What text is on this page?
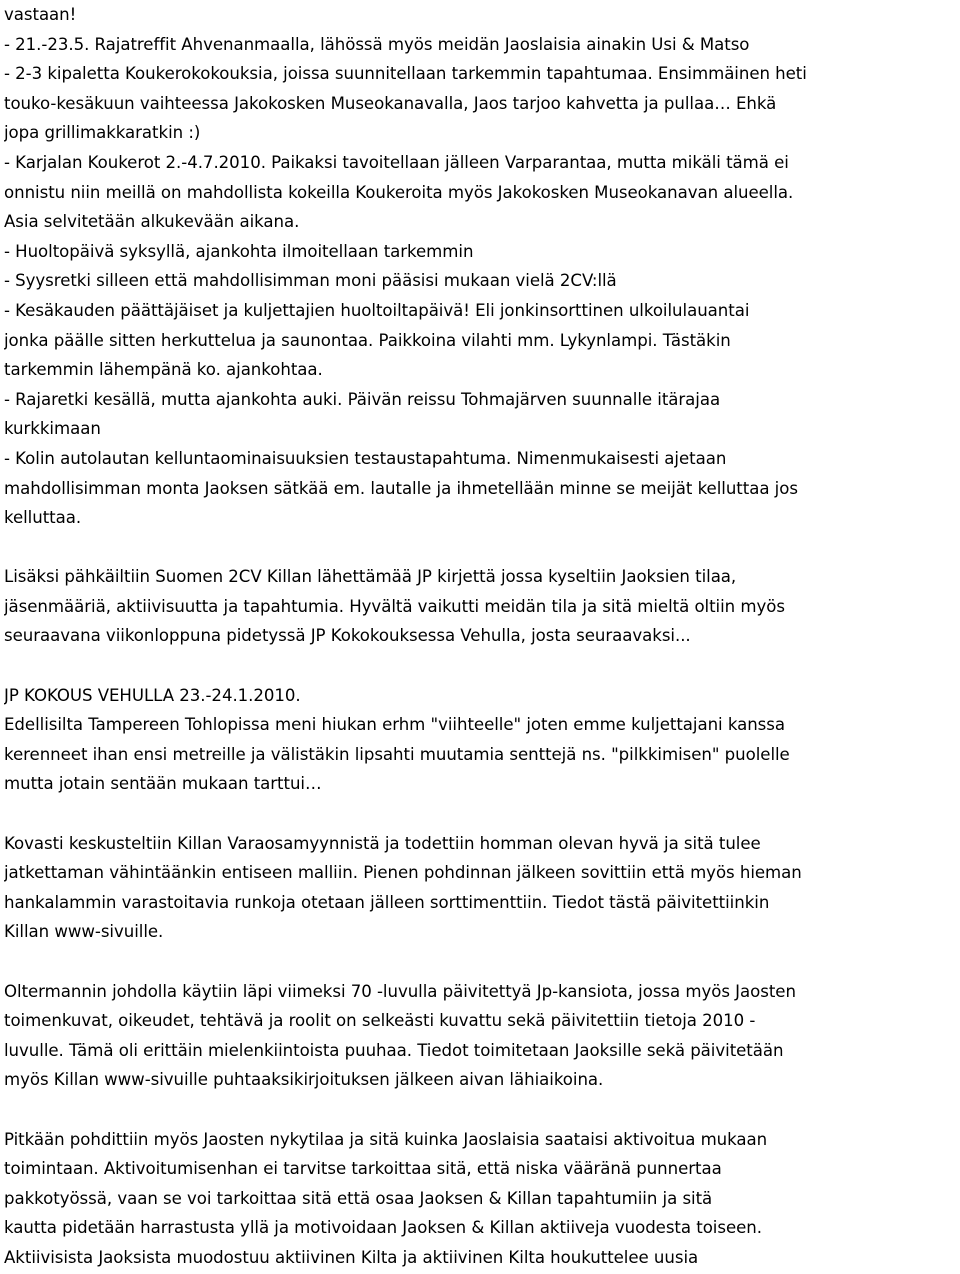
vastaan!
- 21.-23.5. Rajatreffit Ahvenanmaalla, lähössä myös meidän Jaoslaisia ainakin Usi & Matso
- 2-3 kipaletta Koukerokokouksia, joissa suunnitellaan tarkemmin tapahtumaa. Ensimmäinen heti
touko-kesäkuun vaihteessa Jakokosken Museokanavalla, Jaos tarjoo kahvetta ja pullaa… Ehkä
jopa grillimakkaratkin :)
- Karjalan Koukerot 2.-4.7.2010. Paikaksi tavoitellaan jälleen Varparantaa, mutta mikäli tämä ei
onnistu niin meillä on mahdollista kokeilla Koukeroita myös Jakokosken Museokanavan alueella.
Asia selvitetään alkukevään aikana.
- Huoltopäivä syksyllä, ajankohta ilmoitellaan tarkemmin
- Syysretki silleen että mahdollisimman moni pääsisi mukaan vielä 2CV:llä
- Kesäkauden päättäjäiset ja kuljettajien huoltoiltapäivä! Eli jonkinsorttinen ulkoilulauantai
jonka päälle sitten herkuttelua ja saunontaa. Paikkoina vilahti mm. Lykynlampi. Tästäkin
tarkemmin lähempänä ko. ajankohtaa.
- Rajaretki kesällä, mutta ajankohta auki. Päivän reissu Tohmajärven suunnalle itärajaa
kurkkimaan
- Kolin autolautan kelluntaominaisuuksien testaustapahtuma. Nimenmukaisesti ajetaan
mahdollisimman monta Jaoksen sätkää em. lautalle ja ihmetellään minne se meijät kelluttaa jos
kelluttaa.
Lisäksi pähkäiltiin Suomen 2CV Killan lähettämää JP kirjettä jossa kyseltiin Jaoksien tilaa,
jäsenmääriä, aktiivisuutta ja tapahtumia. Hyvältä vaikutti meidän tila ja sitä mieltä oltiin myös
seuraavana viikonloppuna pidetyssä JP Kokokouksessa Vehulla, josta seuraavaksi...
JP KOKOUS VEHULLA 23.-24.1.2010.
Edellisilta Tampereen Tohlopissa meni hiukan erhm "viihteelle" joten emme kuljettajani kanssa
kerenneet ihan ensi metreille ja välistäkin lipsahti muutamia senttejä ns. "pilkkimisen" puolelle
mutta jotain sentään mukaan tarttui…
Kovasti keskusteltiin Killan Varaosamyynnistä ja todettiin homman olevan hyvä ja sitä tulee
jatkettaman vähintäänkin entiseen malliin. Pienen pohdinnan jälkeen sovittiin että myös hieman
hankalammin varastoitavia runkoja otetaan jälleen sorttimenttiin. Tiedot tästä päivitettiinkin
Killan www-sivuille.
Oltermannin johdolla käytiin läpi viimeksi 70 -luvulla päivitettyä Jp-kansiota, jossa myös Jaosten
toimenkuvat, oikeudet, tehtävä ja roolit on selkeästi kuvattu sekä päivitettiin tietoja 2010 -
luvulle. Tämä oli erittäin mielenkiintoista puuhaa. Tiedot toimitetaan Jaoksille sekä päivitetään
myös Killan www-sivuille puhtaaksikirjoituksen jälkeen aivan lähiaikoina.
Pitkään pohdittiin myös Jaosten nykytilaa ja sitä kuinka Jaoslaisia saataisi aktivoitua mukaan
toimintaan. Aktivoitumisenhan ei tarvitse tarkoittaa sitä, että niska vääränä punnertaa
pakkotyössä, vaan se voi tarkoittaa sitä että osaa Jaoksen & Killan tapahtumiin ja sitä
kautta pidetään harrastusta yllä ja motivoidaan Jaoksen & Killan aktiiveja vuodesta toiseen.
Aktiivisista Jaoksista muodostuu aktiivinen Kilta ja aktiivinen Kilta houkuttelee uusia
